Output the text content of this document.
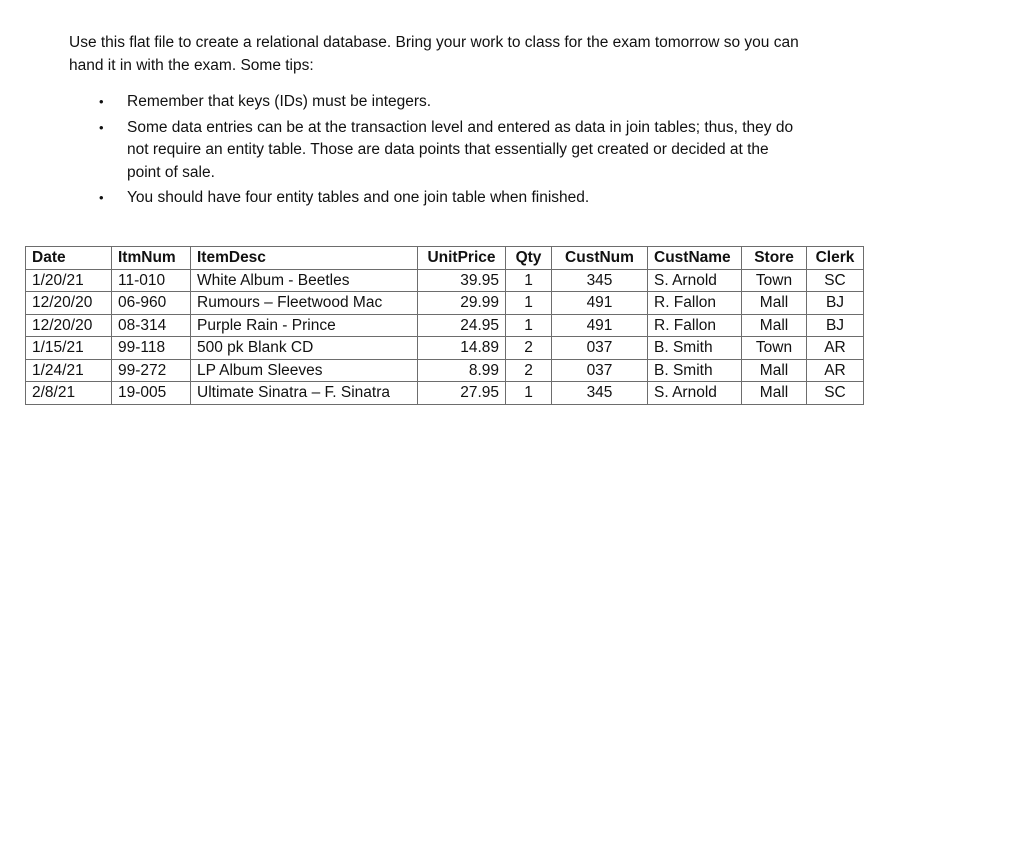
Use this flat file to create a relational database. Bring your work to class for the exam tomorrow so you can hand it in with the exam. Some tips:

• Remember that keys (IDs) must be integers.
• Some data entries can be at the transaction level and entered as data in join tables; thus, they do not require an entity table. Those are data points that essentially get created or decided at the point of sale.
• You should have four entity tables and one join table when finished.
Date	ItmNum	ItemDesc	UnitPrice	Qty	CustNum	CustName	Store	Clerk
1/20/21	11-010	White Album - Beetles	39.95	1	345	S. Arnold	Town	SC
12/20/20	06-960	Rumours – Fleetwood Mac	29.99	1	491	R. Fallon	Mall	BJ
12/20/20	08-314	Purple Rain - Prince	24.95	1	491	R. Fallon	Mall	BJ
1/15/21	99-118	500 pk Blank CD	14.89	2	037	B. Smith	Town	AR
1/24/21	99-272	LP Album Sleeves	8.99	2	037	B. Smith	Mall	AR
2/8/21	19-005	Ultimate Sinatra – F. Sinatra	27.95	1	345	S. Arnold	Mall	SC
